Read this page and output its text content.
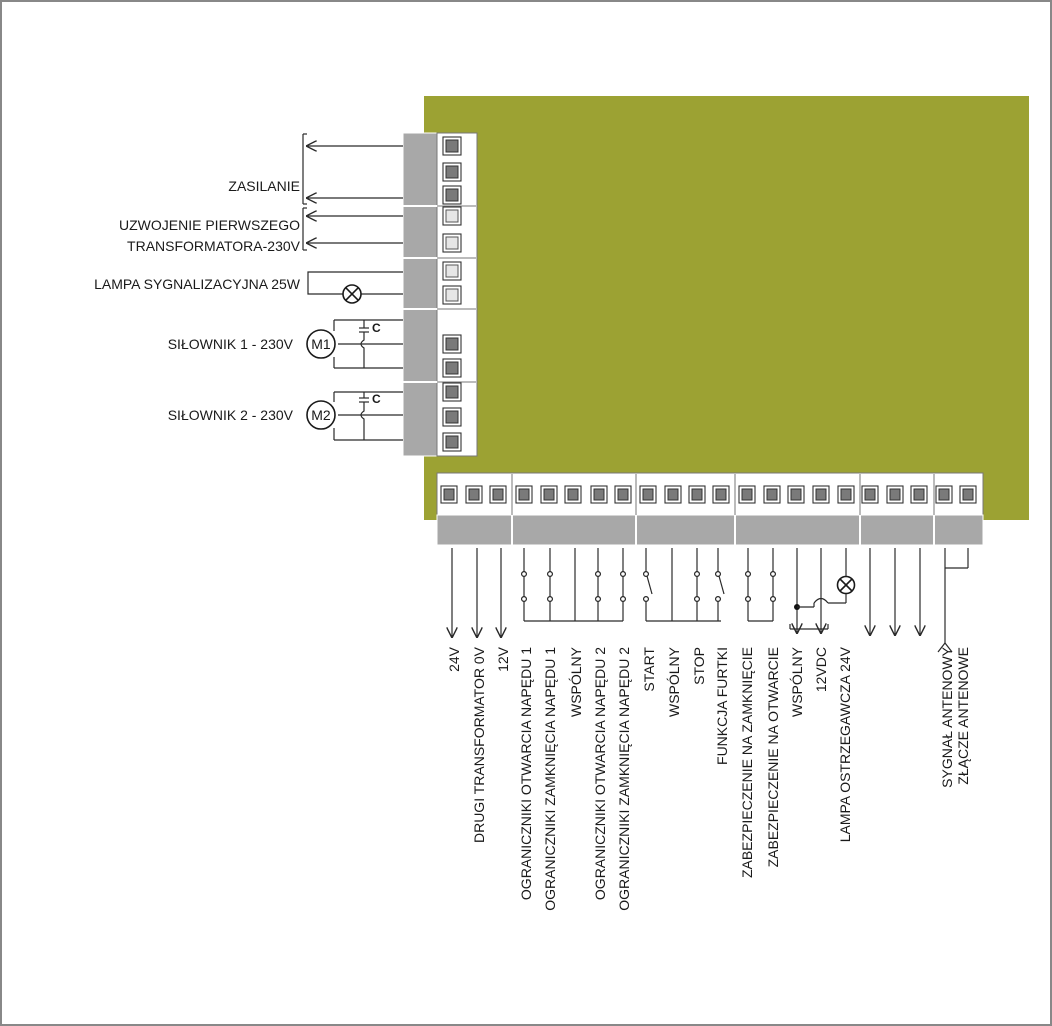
C
M1
C
M2
ZASILANIE
UZWOJENIE PIERWSZEGO
TRANSFORMATORA-230V
LAMPA SYGNALIZACYJNA 25W
SIŁOWNIK 1 - 230V
SIŁOWNIK 2 - 230V
24V DRUGI TRANSFORMATOR 0V 12V OGRANICZNIKI OTWARCIA NAPĘDU 1 OGRANICZNIKI ZAMKNIĘCIA NAPĘDU 1 WSPÓLNY OGRANICZNIKI OTWARCIA NAPĘDU 2 OGRANICZNIKI ZAMKNIĘCIA NAPĘDU 2 START WSPÓLNY STOP FUNKCJA FURTKI ZABEZPIECZENIE NA ZAMKNIĘCIE ZABEZPIECZENIE NA OTWARCIE WSPÓLNY 12VDC LAMPA OSTRZEGAWCZA 24V	SYGNAŁ ANTENOWY ZŁĄCZE ANTENOWE
